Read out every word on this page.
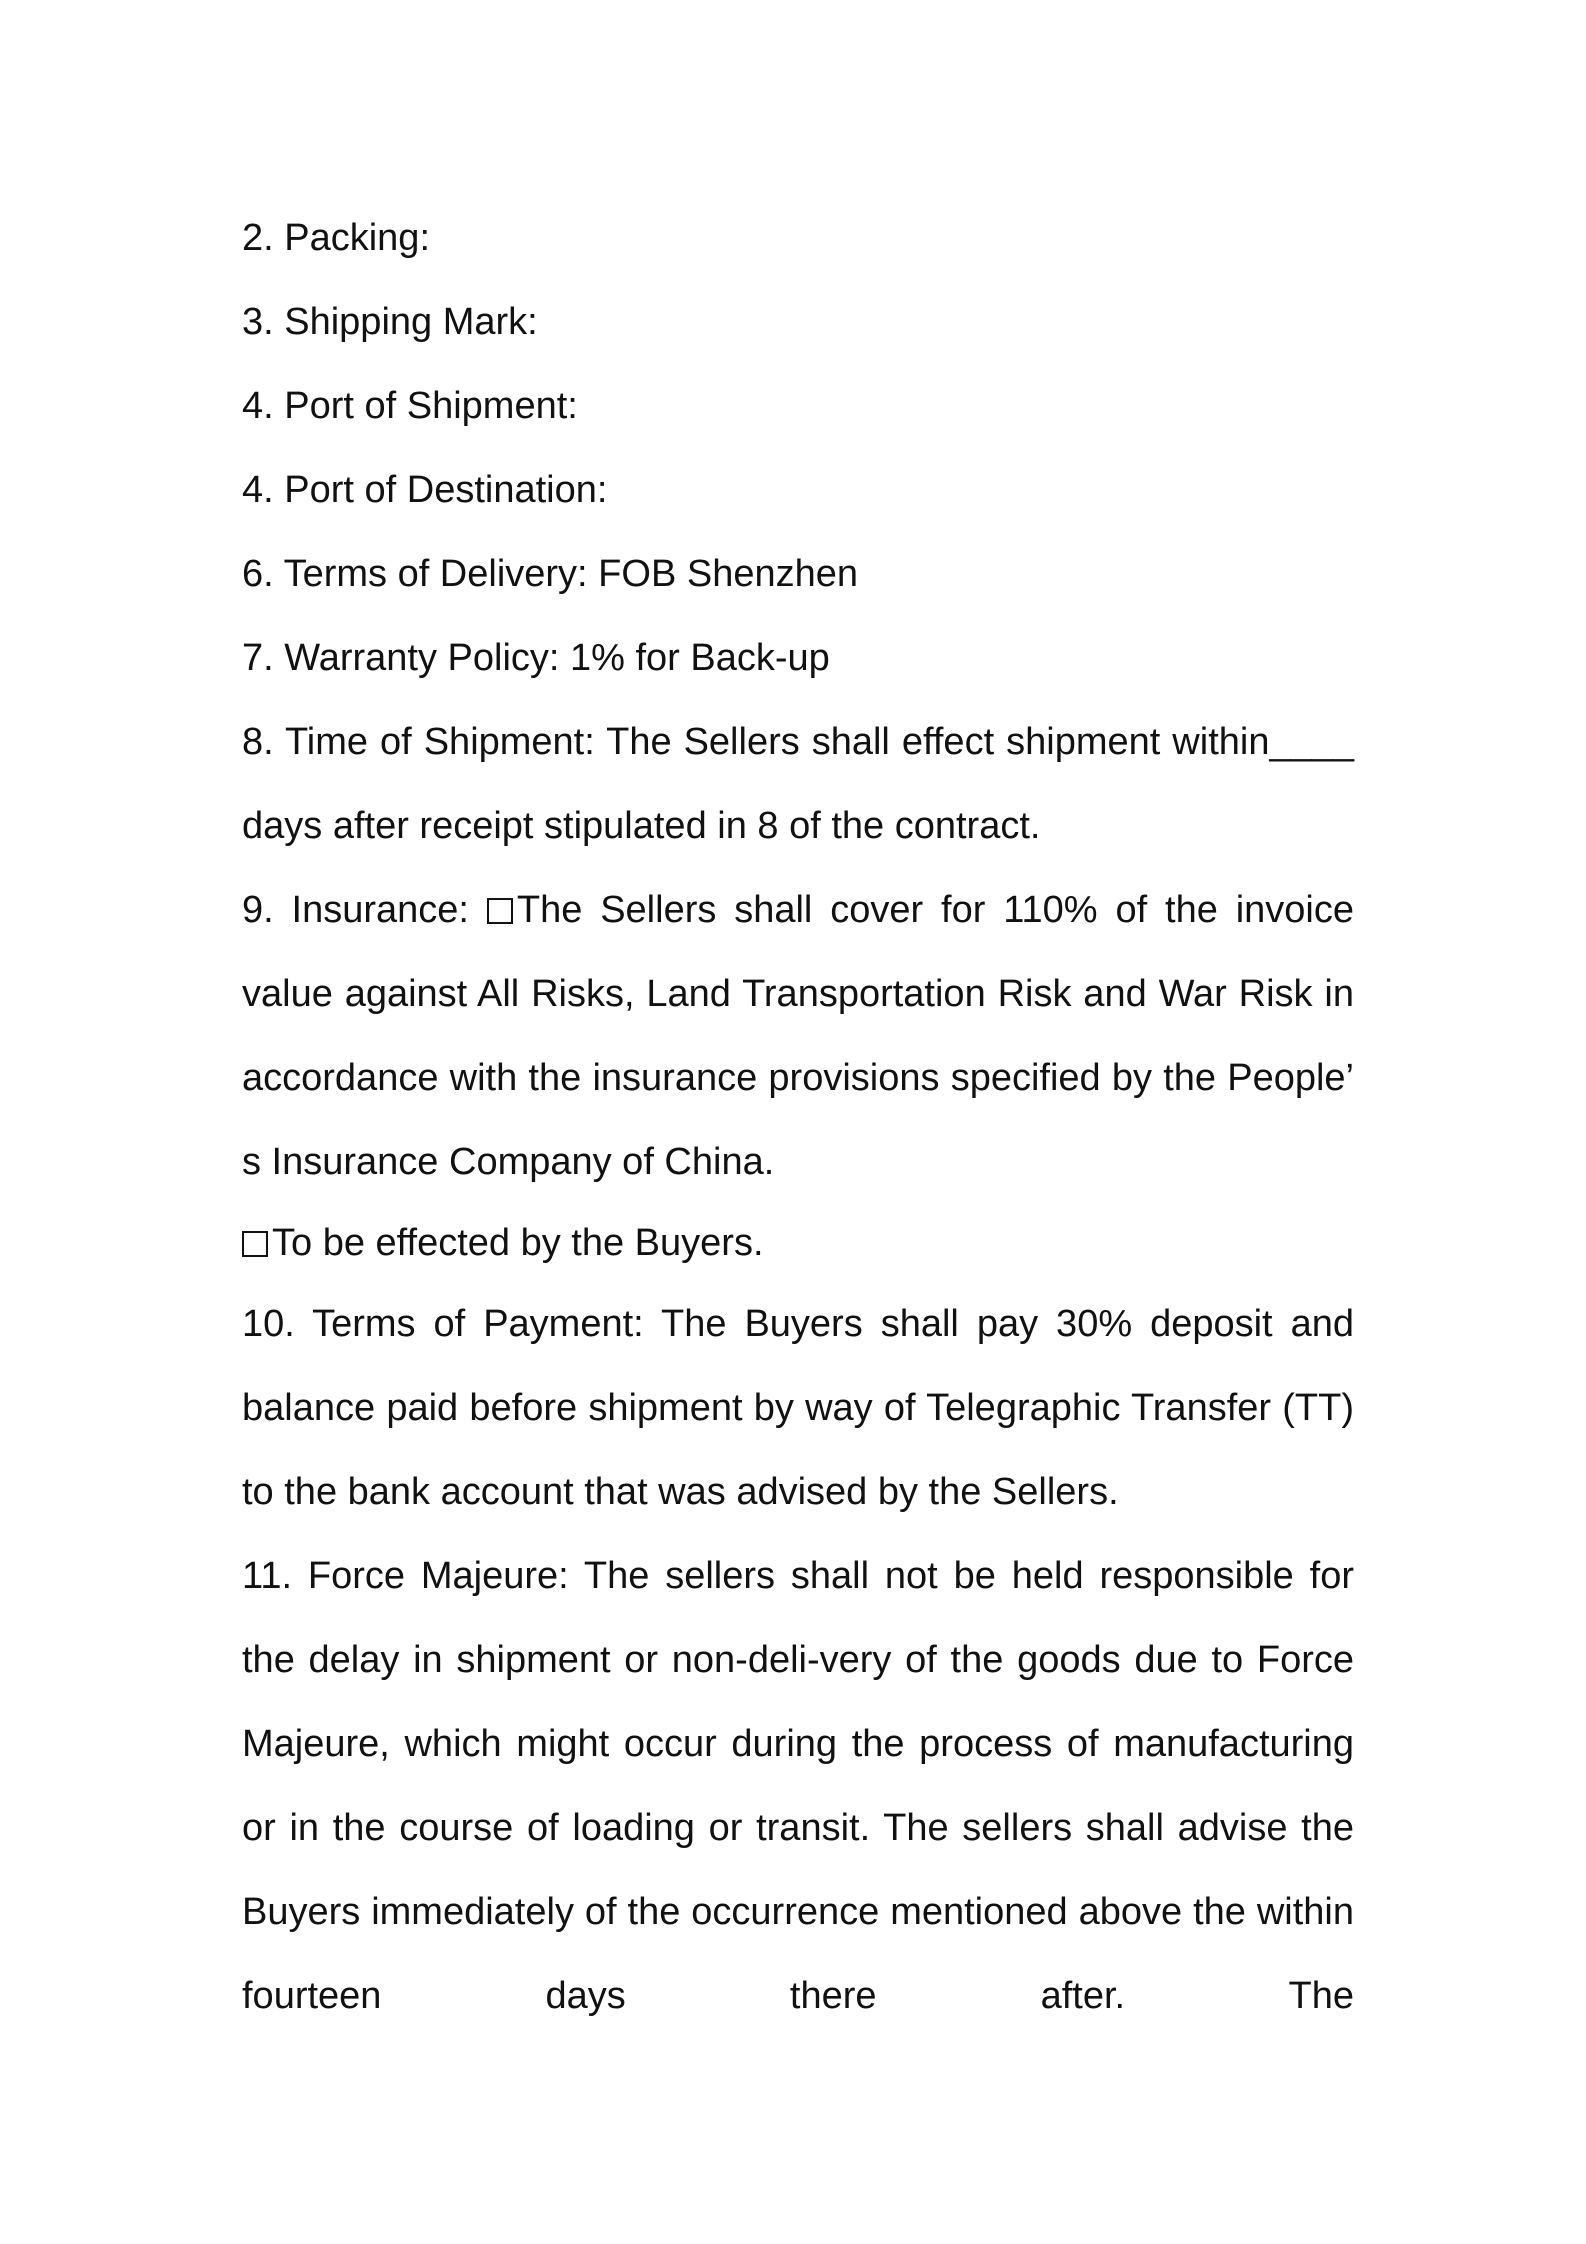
2. Packing:
3. Shipping Mark:
4. Port of Shipment:
4. Port of Destination:
6. Terms of Delivery: FOB Shenzhen
7. Warranty Policy: 1% for Back-up
8. Time of Shipment: The Sellers shall effect shipment within____ days after receipt stipulated in 8 of the contract.
9. Insurance: The Sellers shall cover for 110% of the invoice value against All Risks, Land Transportation Risk and War Risk in accordance with the insurance provisions specified by the People’ s Insurance Company of China.
To be effected by the Buyers.
10. Terms of Payment: The Buyers shall pay 30% deposit and balance paid before shipment by way of Telegraphic Transfer (TT) to the bank account that was advised by the Sellers.
11. Force Majeure: The sellers shall not be held responsible for the delay in shipment or non-deli-very of the goods due to Force Majeure, which might occur during the process of manufacturing or in the course of loading or transit. The sellers shall advise the Buyers immediately of the occurrence mentioned above the within fourteen days there after. The
